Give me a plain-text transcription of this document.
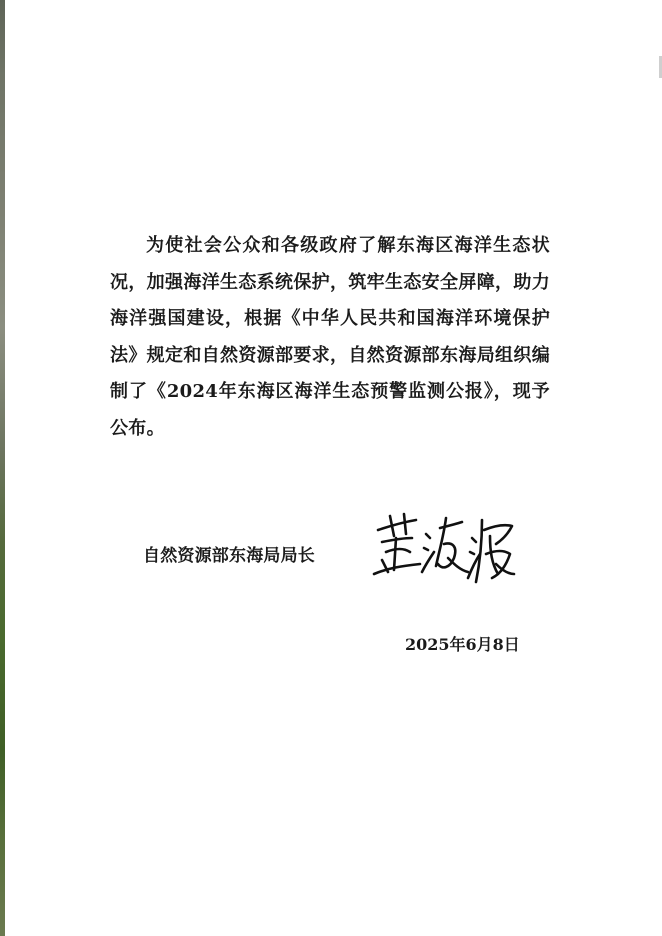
为使社会公众和各级政府了解东海区海洋生态状况，加强海洋生态系统保护，筑牢生态安全屏障，助力海洋强国建设，根据《中华人民共和国海洋环境保护法》规定和自然资源部要求，自然资源部东海局组织编制了《2024年东海区海洋生态预警监测公报》，现予公布。

自然资源部东海局局长
2025年6月8日
